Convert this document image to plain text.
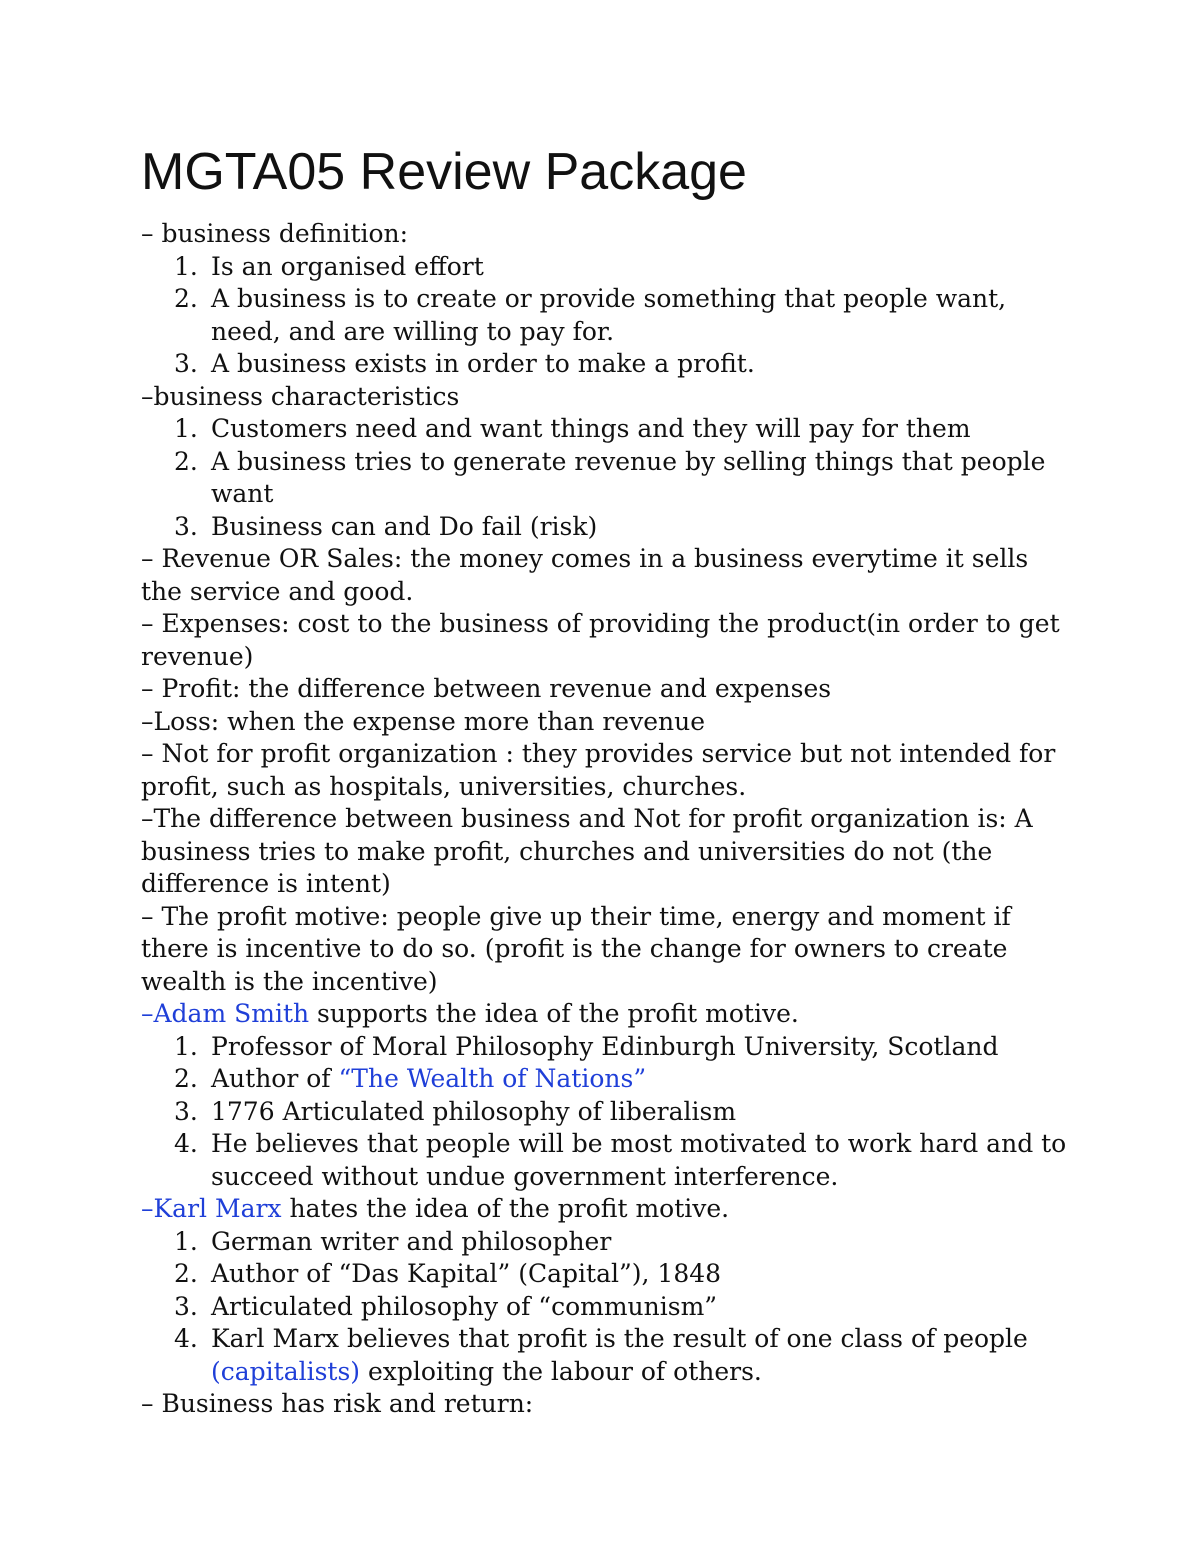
MGTA05 Review Package

– business definition:

1. Is an organised effort
2. A business is to create or provide something that people want, need, and are willing to pay for.
3. A business exists in order to make a profit.

–business characteristics

1. Customers need and want things and they will pay for them
2. A business tries to generate revenue by selling things that people want
3. Business can and Do fail (risk)

– Revenue OR Sales: the money comes in a business everytime it sells the service and good.

– Expenses: cost to the business of providing the product(in order to get revenue)

– Profit: the difference between revenue and expenses

–Loss: when the expense more than revenue

– Not for profit organization : they provides service but not intended for profit, such as hospitals, universities, churches.

–The difference between business and Not for profit organization is: A business tries to make profit, churches and universities do not (the difference is intent)

– The profit motive: people give up their time, energy and moment if there is incentive to do so. (profit is the change for owners to create wealth is the incentive)

–Adam Smith supports the idea of the profit motive.

1. Professor of Moral Philosophy Edinburgh University, Scotland
2. Author of “The Wealth of Nations”
3. 1776 Articulated philosophy of liberalism
4. He believes that people will be most motivated to work hard and to succeed without undue government interference.

–Karl Marx hates the idea of the profit motive.

1. German writer and philosopher
2. Author of “Das Kapital” (Capital”), 1848
3. Articulated philosophy of “communism”
4. Karl Marx believes that profit is the result of one class of people (capitalists) exploiting the labour of others.

– Business has risk and return:
